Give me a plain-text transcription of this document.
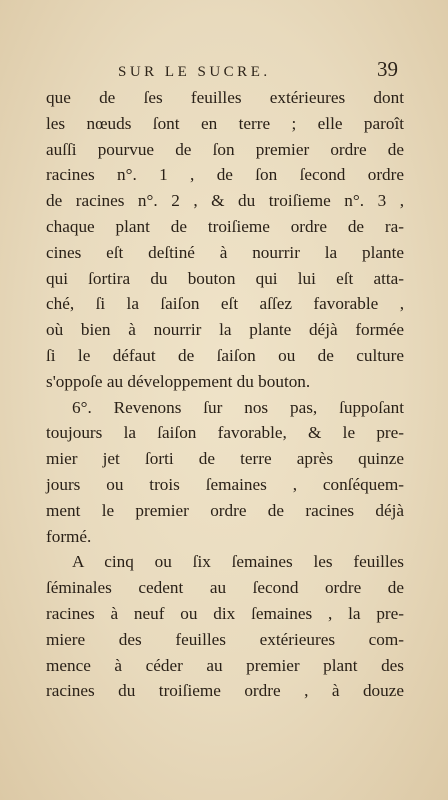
SUR LE SUCRE.	39
que de ſes feuilles extérieures dont
les nœuds ſont en terre ; elle paroît
auſſi pourvue de ſon premier ordre de
racines n°. 1 , de ſon ſecond ordre
de racines n°. 2 , & du troiſieme n°. 3 ,
chaque plant de troiſieme ordre de ra-
cines eſt deſtiné à nourrir la plante
qui ſortira du bouton qui lui eſt atta-
ché, ſi la ſaiſon eſt aſſez favorable ,
où bien à nourrir la plante déjà formée
ſi le défaut de ſaiſon ou de culture
s'oppoſe au développement du bouton.
6°. Revenons ſur nos pas, ſuppoſant
toujours la ſaiſon favorable, & le pre-
mier jet ſorti de terre après quinze
jours ou trois ſemaines , conſéquem-
ment le premier ordre de racines déjà
formé.
A cinq ou ſix ſemaines les feuilles
ſéminales cedent au ſecond ordre de
racines à neuf ou dix ſemaines , la pre-
miere des feuilles extérieures com-
mence à céder au premier plant des
racines du troiſieme ordre , à douze
